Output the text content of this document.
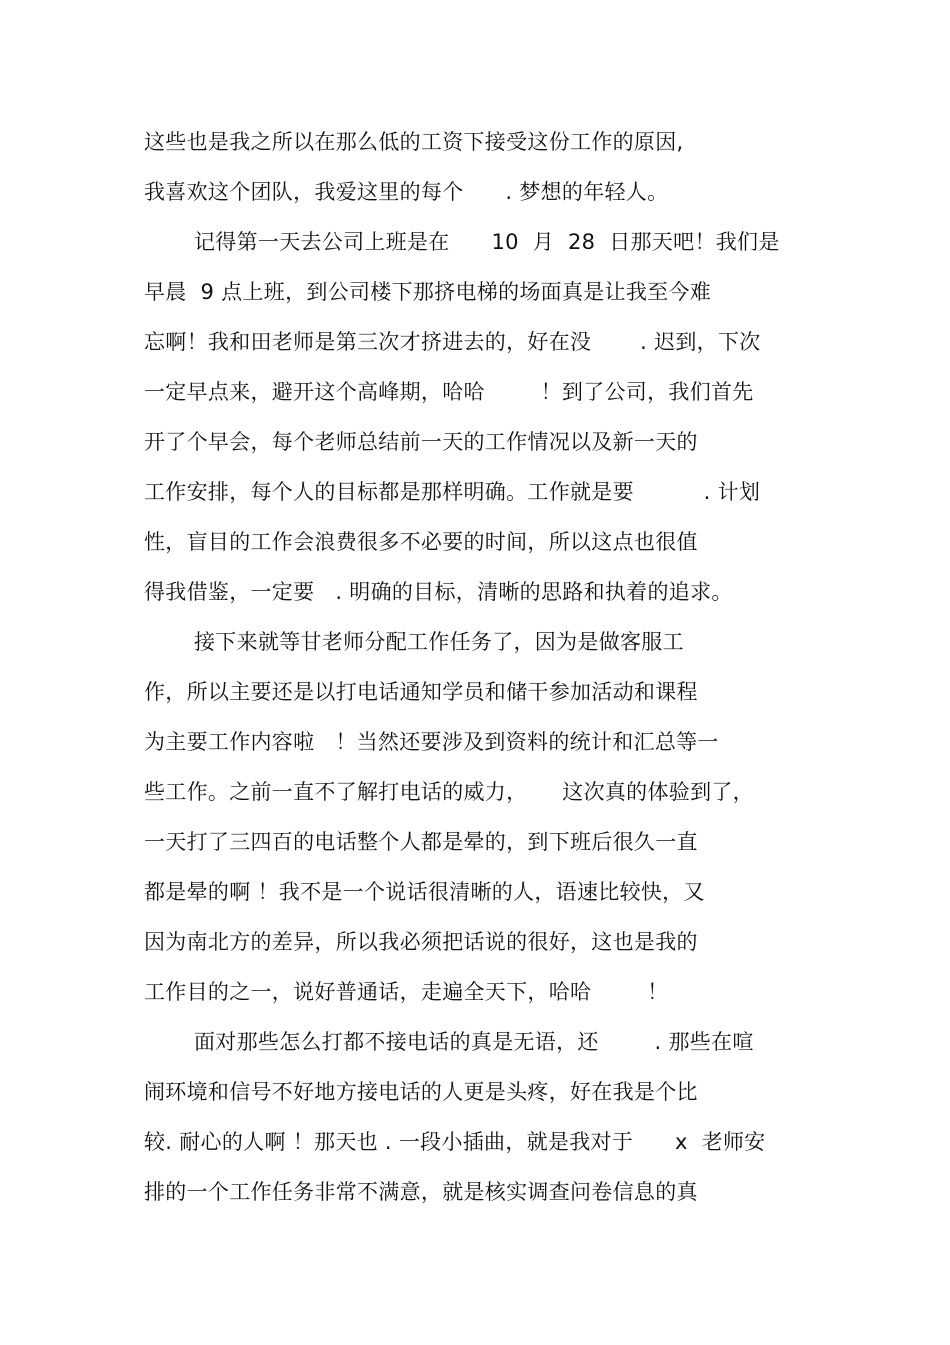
这些也是我之所以在那么低的工资下接受这份工作的原因,
我喜欢这个团队，我爱这里的每个      . 梦想的年轻人。
记得第一天去公司上班是在      10  月  28  日那天吧！我们是
早晨  9 点上班，到公司楼下那挤电梯的场面真是让我至今难
忘啊！我和田老师是第三次才挤进去的，好在没       . 迟到，下次
一定早点来，避开这个高峰期，哈哈        ！到了公司，我们首先
开了个早会，每个老师总结前一天的工作情况以及新一天的
工作安排，每个人的目标都是那样明确。工作就是要          . 计划
性，盲目的工作会浪费很多不必要的时间，所以这点也很值
得我借鉴，一定要   . 明确的目标，清晰的思路和执着的追求。
接下来就等甘老师分配工作任务了，因为是做客服工
作，所以主要还是以打电话通知学员和储干参加活动和课程
为主要工作内容啦   ！当然还要涉及到资料的统计和汇总等一
些工作。之前一直不了解打电话的威力，     这次真的体验到了，
一天打了三四百的电话整个人都是晕的，到下班后很久一直
都是晕的啊 ！我不是一个说话很清晰的人，语速比较快，又
因为南北方的差异，所以我必须把话说的很好，这也是我的
工作目的之一，说好普通话，走遍全天下，哈哈        ！
面对那些怎么打都不接电话的真是无语，还        . 那些在喧
闹环境和信号不好地方接电话的人更是头疼，好在我是个比
较. 耐心的人啊 ！那天也 . 一段小插曲，就是我对于      x  老师安
排的一个工作任务非常不满意，就是核实调查问卷信息的真
